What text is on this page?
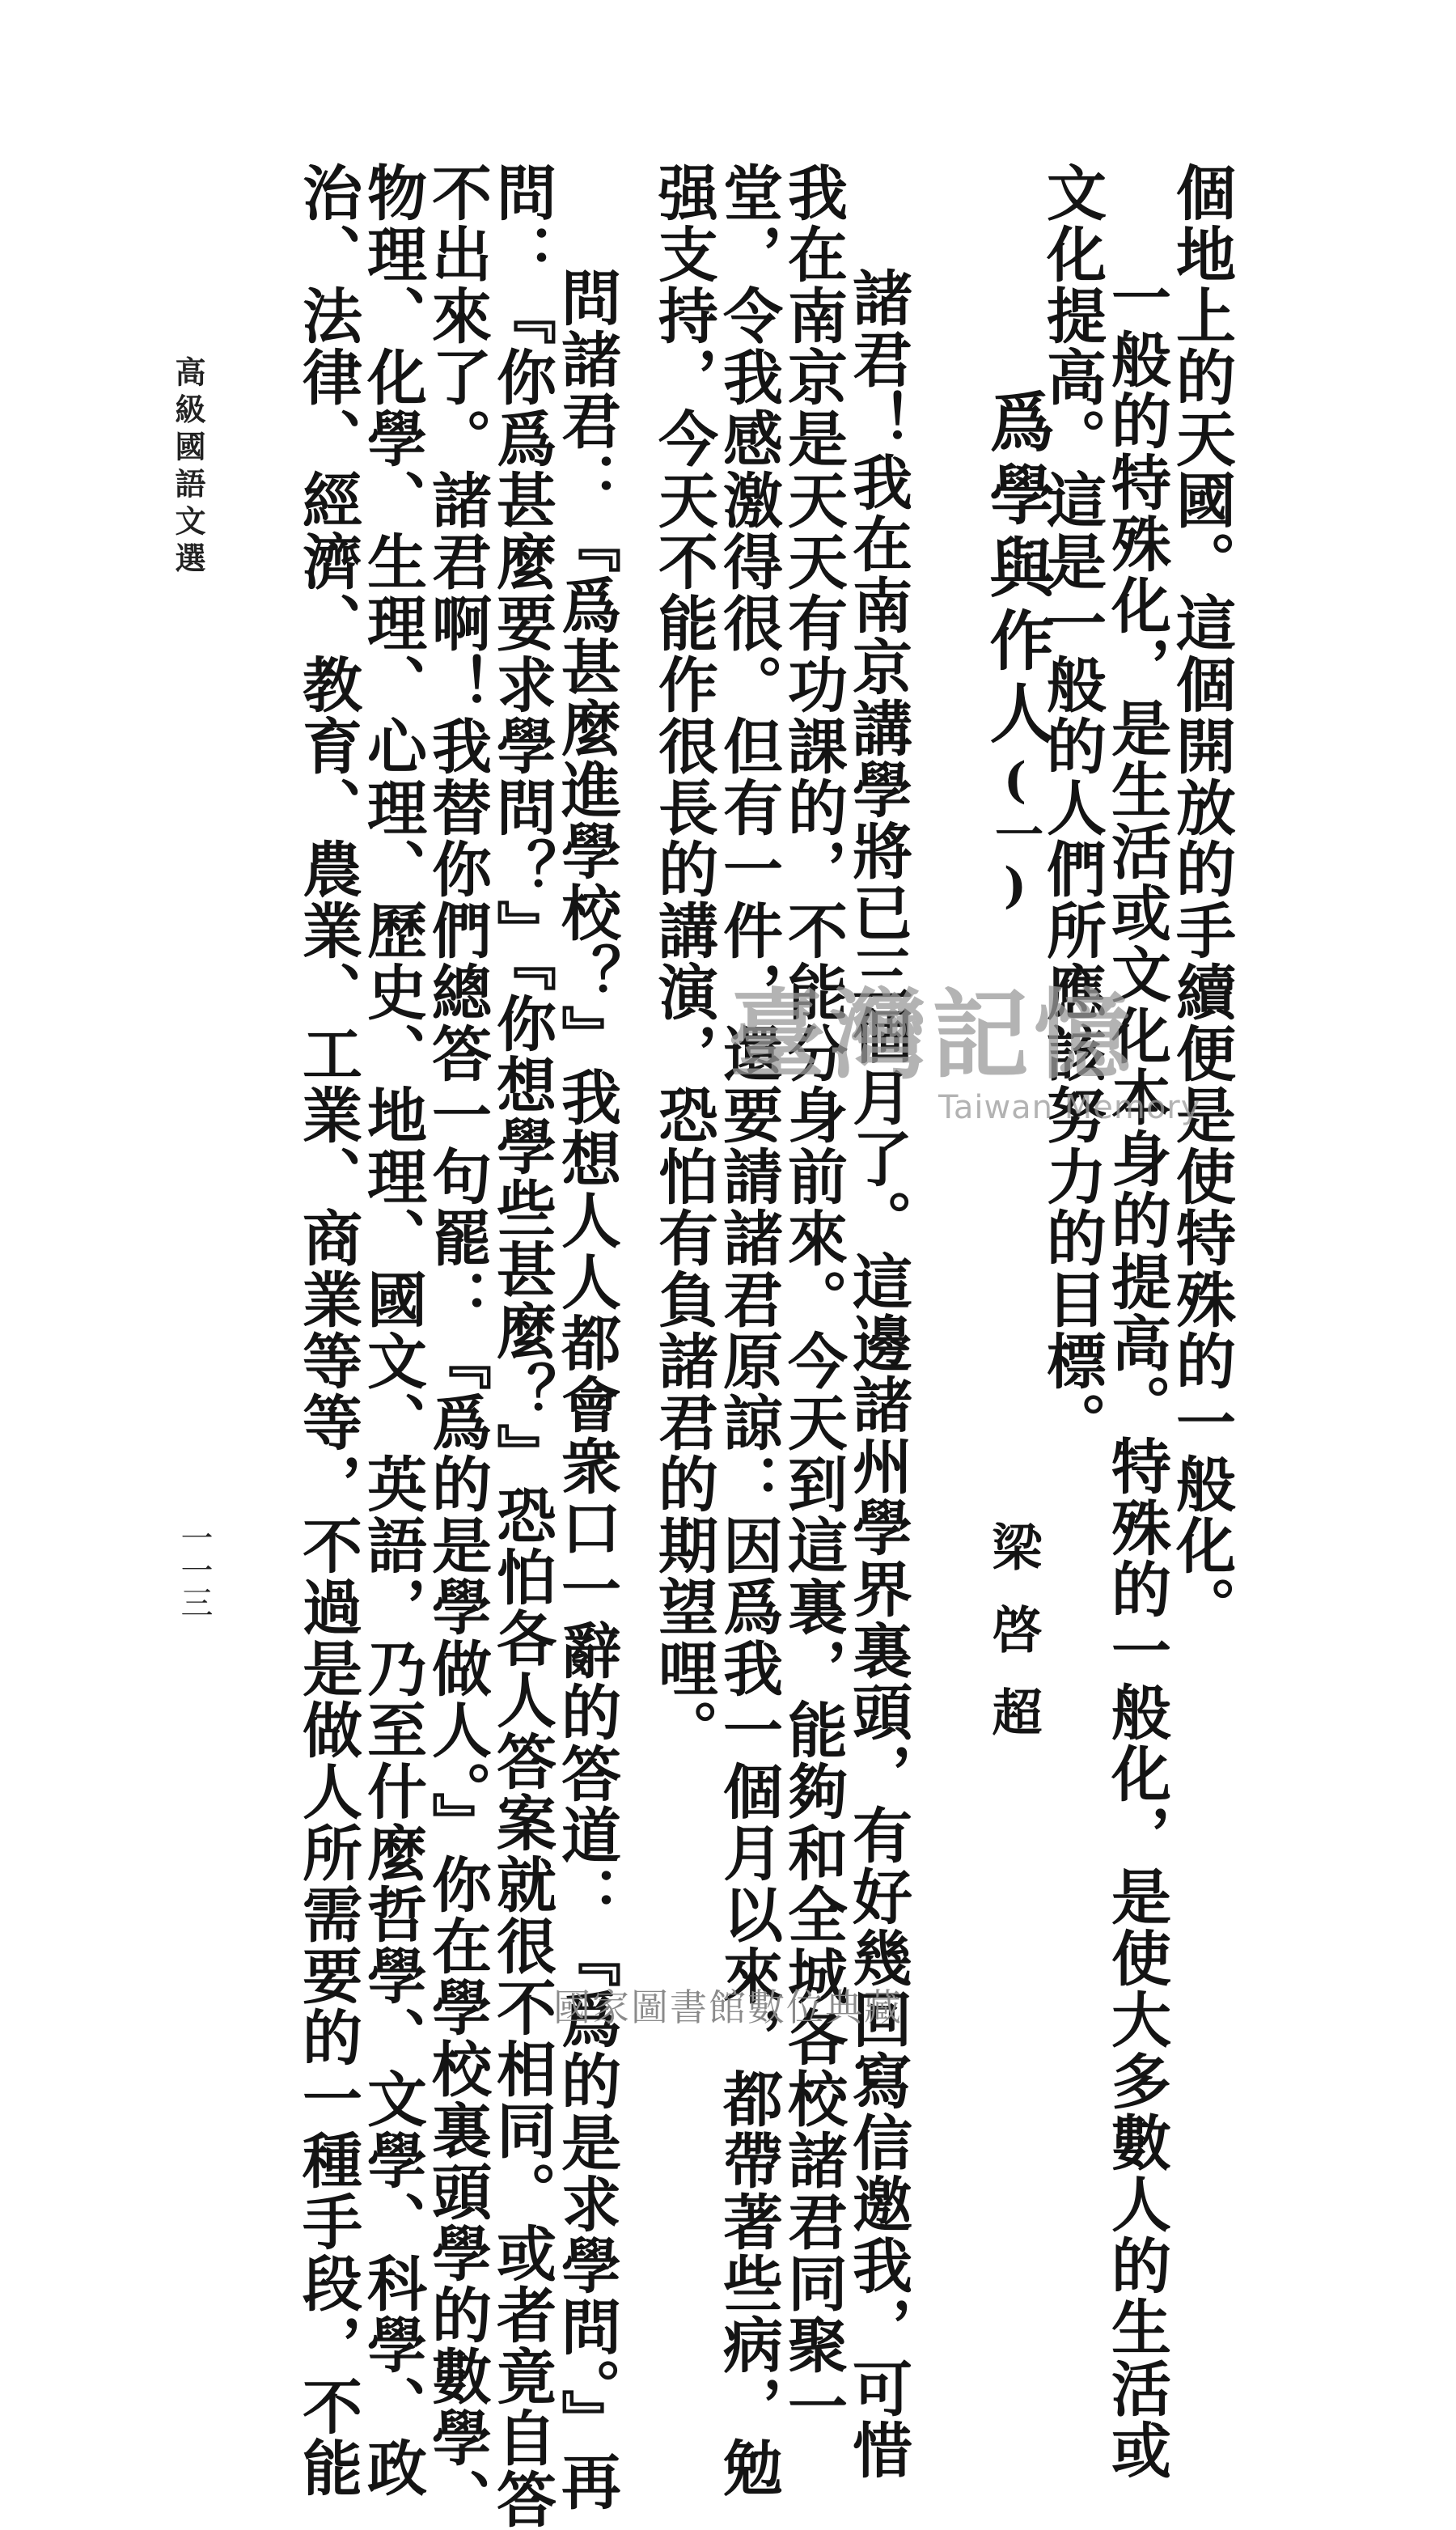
個地上的天國。這個開放的手續便是使特殊的一般化。
一般的特殊化，是生活或文化本身的提高。特殊的一般化，是使大多數人的生活或
文化提高。這是一般的人們所應該努力的目標。
爲學與作人
(一)
梁啓超
諸君！我在南京講學將已三個月了。這邊諸州學界裏頭，有好幾回寫信邀我，可惜
我在南京是天天有功課的，不能分身前來。今天到這裏，能夠和全城各校諸君同聚一
堂，令我感激得很。但有一件，還要請諸君原諒：因爲我一個月以來，都帶著些病，勉
强支持，今天不能作很長的講演，恐怕有負諸君的期望哩。
問諸君：『爲甚麼進學校？』我想人人都會衆口一辭的答道：『爲的是求學問。』再
問：『你爲甚麼要求學問？』『你想學些甚麼？』恐怕各人答案就很不相同。或者竟自答
不出來了。諸君啊！我替你們總答一句罷：『爲的是學做人。』你在學校裏頭學的數學、
物理、化學、生理、心理、歷史、地理、國文、英語，乃至什麼哲學、文學、科學、政
治、法律、經濟、教育、農業、工業、商業等等，不過是做人所需要的一種手段，不能
高級國語文選
一一三
臺灣記憶
Taiwan Memory
國家圖書館數位典藏
